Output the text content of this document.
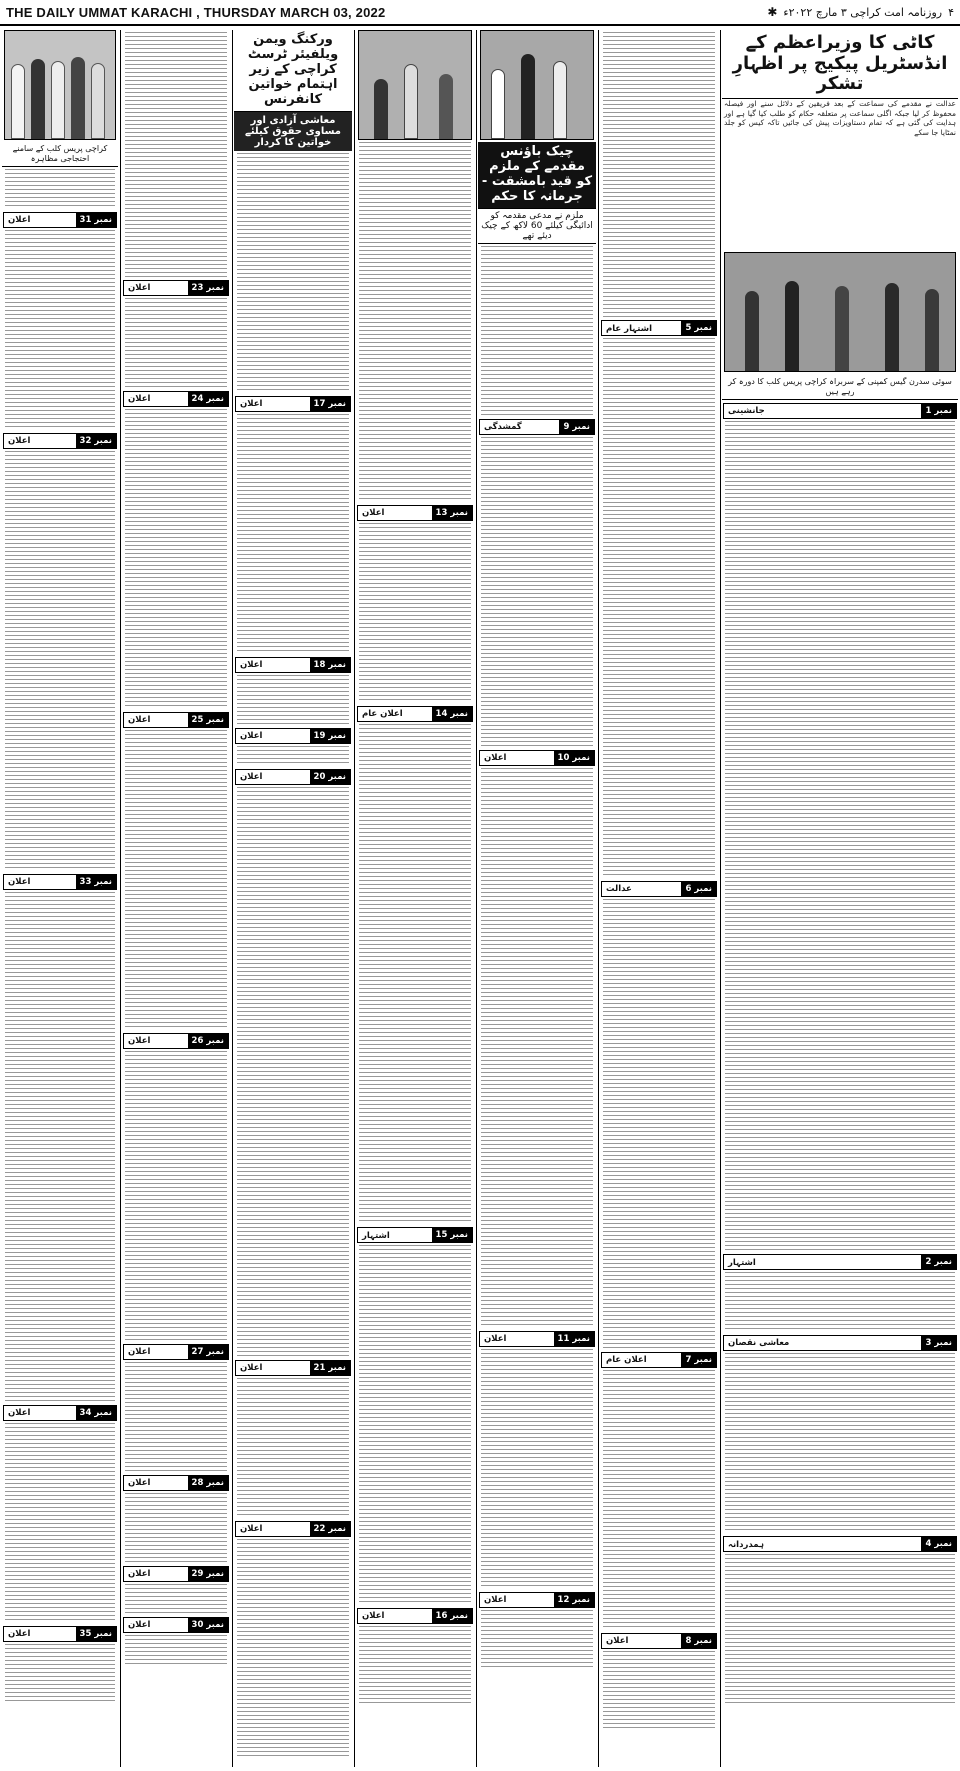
THE DAILY UMMAT KARACHI , THURSDAY MARCH 03, 2022	۴
روزنامہ امت کراچی ۳ مارچ ۲۰۲۲ء
✱
کاٹی کا وزیراعظم کے انڈسٹریل پیکیج پر اظہارِ تشکر
عدالت نے مقدمے کی سماعت کے بعد فریقین کے دلائل سنے اور فیصلہ محفوظ کر لیا جبکہ اگلی سماعت پر متعلقہ حکام کو طلب کیا گیا ہے اور ہدایت کی گئی ہے کہ تمام دستاویزات پیش کی جائیں تاکہ کیس کو جلد نمٹایا جا سکے
سوئی سدرن گیس کمپنی کے سربراہ کراچی پریس کلب کا دورہ کر رہے ہیں
نمبر 1
جانشینی
نمبر 2
اشتہار
نمبر 3
معاشی نقصان
نمبر 4
ہمدردانہ
نمبر 5
اشتہار عام
نمبر 6
عدالت
نمبر 7
اعلان عام
نمبر 8
اعلان
چیک باؤنس مقدمے کے ملزم کو قید بامشقت - جرمانہ کا حکم
ملزم نے مدعی مقدمہ کو ادائیگی کیلئے 60 لاکھ کے چیک دیئے تھے
نمبر 9
گمشدگی
نمبر 10
اعلان
نمبر 11
اعلان
نمبر 12
اعلان
نمبر 13
اعلان
نمبر 14
اعلان عام
نمبر 15
اشتہار
نمبر 16
اعلان
ورکنگ ویمن ویلفیئر ٹرسٹ کراچی کے زیر اہتمام خواتین کانفرنس
معاشی آزادی اور مساوی حقوق کیلئے خواتین کا کردار
نمبر 17
اعلان
نمبر 18
اعلان
نمبر 19
اعلان
نمبر 20
اعلان
نمبر 21
اعلان
نمبر 22
اعلان
نمبر 23
اعلان
نمبر 24
اعلان
نمبر 25
اعلان
نمبر 26
اعلان
نمبر 27
اعلان
نمبر 28
اعلان
نمبر 29
اعلان
نمبر 30
اعلان
کراچی پریس کلب کے سامنے احتجاجی مظاہرہ
نمبر 31
اعلان
نمبر 32
اعلان
نمبر 33
اعلان
نمبر 34
اعلان
نمبر 35
اعلان
